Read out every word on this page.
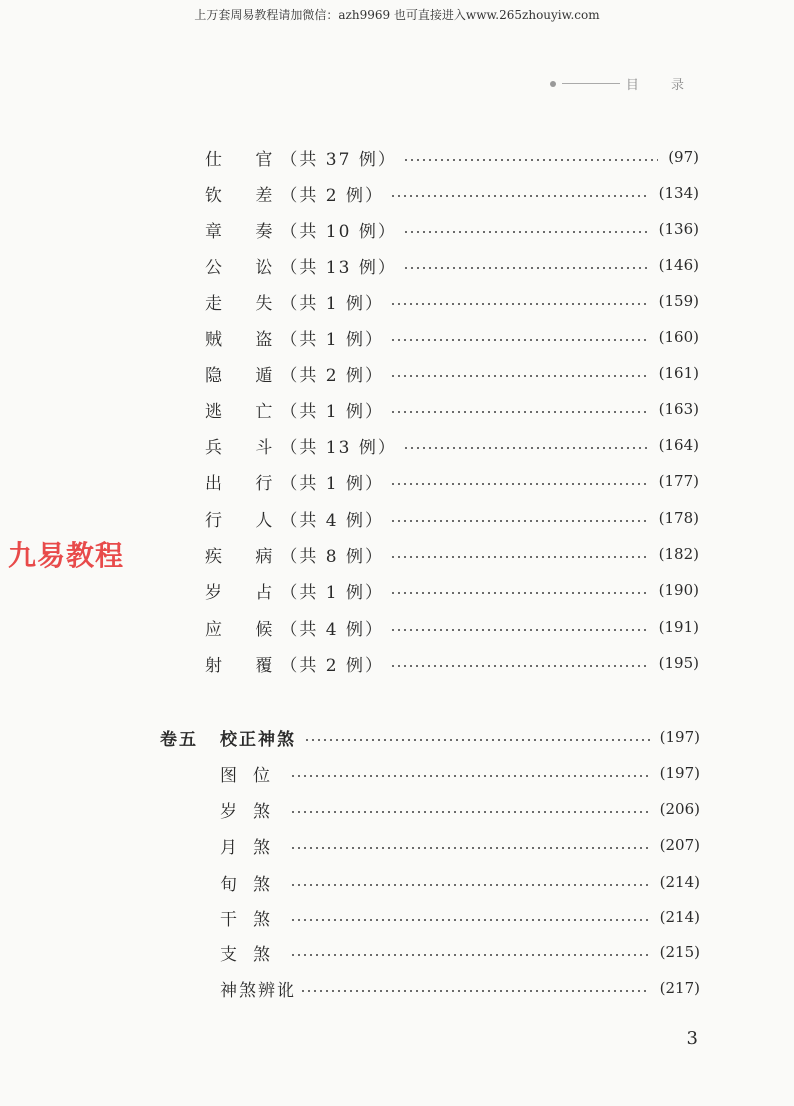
上万套周易教程请加微信：azh9969 也可直接进入www.265zhouyiw.com
目 录
仕 官（共 37 例）	(97)
钦 差（共 2 例）	(134)
章 奏（共 10 例）	(136)
公 讼（共 13 例）	(146)
走 失（共 1 例）	(159)
贼 盗（共 1 例）	(160)
隐 遁（共 2 例）	(161)
逃 亡（共 1 例）	(163)
兵 斗（共 13 例）	(164)
出 行（共 1 例）	(177)
行 人（共 4 例）	(178)
疾 病（共 8 例）	(182)
岁 占（共 1 例）	(190)
应 候（共 4 例）	(191)
射 覆（共 2 例）	(195)
卷五	校正神煞	(197)
图位	(197)
岁煞	(206)
月煞	(207)
旬煞	(214)
干煞	(214)
支煞	(215)
神煞辨讹	(217)
九易教程
3
